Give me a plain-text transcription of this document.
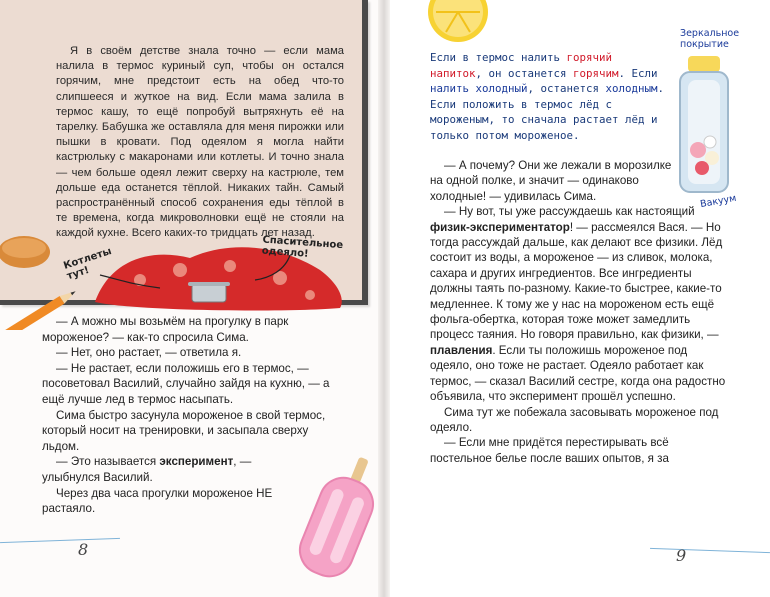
Я в своём детстве знала точно — если мама налила в термос куриный суп, чтобы он остался горячим, мне предстоит есть на обед что-то слипшееся и жуткое на вид. Если мама залила в термос кашу, то ещё попробуй вытряхнуть её на тарелку. Бабушка же оставляла для меня пирожки или пышки в кровати. Под одеялом я могла найти кастрюльку с макаронами или котлеты. И точно знала — чем больше одеял лежит сверху на кастрюле, тем дольше еда останется тёплой. Никаких тайн. Самый распространённый способ сохранения еды тёплой в те времена, когда микроволновки ещё не стояли на каждой кухне. Всего каких-то тридцать лет назад.
Котлеты тут!
Спасительное одеяло!

— А можно мы возьмём на прогулку в парк мороженое? — как-то спросила Сима.

— Нет, оно растает, — ответила я.

— Не растает, если положишь его в термос, — посоветовал Василий, случайно зайдя на кухню, — а ещё лучше лед в термос насыпать.

Сима быстро засунула мороженое в свой термос, который носит на тренировки, и засыпала сверху льдом.

— Это называется эксперимент, — улыбнулся Василий.

Через два часа прогулки мороженое НЕ растаяло.

8
Если в термос налить горячий напиток, он останется горячим. Если налить холодный, останется холодным. Если положить в термос лёд с мороженым, то сначала растает лёд и только потом мороженое.
Зеркальное покрытие
Вакуум

— А почему? Они же лежали в морозилке на одной полке, и значит — одинаково холодные! — удивилась Сима.

— Ну вот, ты уже рассуждаешь как настоящий физик-экспериментатор! — рассмеялся Вася. — Но тогда рассуждай дальше, как делают все физики. Лёд состоит из воды, а мороженое — из сливок, молока, сахара и других ингредиентов. Все ингредиенты должны таять по-разному. Какие-то быстрее, какие-то медленнее. К тому же у нас на мороженом есть ещё фольга-обертка, которая тоже может замедлить процесс таяния. Но говоря правильно, как физики, — плавления. Если ты положишь мороженое под одеяло, оно тоже не растает. Одеяло работает как термос, — сказал Василий сестре, когда она радостно объявила, что эксперимент прошёл успешно.

Сима тут же побежала засовывать мороженое под одеяло.

— Если мне придётся перестирывать всё постельное белье после ваших опытов, я за

9
